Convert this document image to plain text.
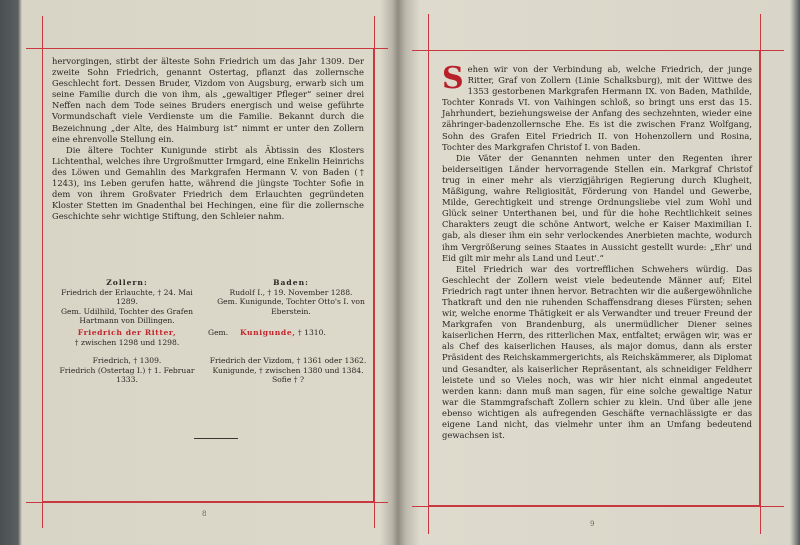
hervorgingen, stirbt der älteste Sohn Friedrich um das Jahr 1309. Der zweite Sohn Friedrich, genannt Ostertag, pflanzt das zollernsche Geschlecht fort. Dessen Bruder, Vizdom von Augsburg, erwarb sich um seine Familie durch die von ihm, als „gewaltiger Pfleger“ seiner drei Neffen nach dem Tode seines Bruders energisch und weise geführte Vormundschaft viele Verdienste um die Familie. Bekannt durch die Bezeichnung „der Alte, des Haimburg ist“ nimmt er unter den Zollern eine ehrenvolle Stellung ein.

Die ältere Tochter Kunigunde stirbt als Äbtissin des Klosters Lichtenthal, welches ihre Urgroßmutter Irmgard, eine Enkelin Heinrichs des Löwen und Gemahlin des Markgrafen Hermann V. von Baden († 1243), ins Leben gerufen hatte, während die jüngste Tochter Sofie in dem von ihrem Großvater Friedrich dem Erlauchten gegründeten Kloster Stetten im Gnadenthal bei Hechingen, eine für die zollernsche Geschichte sehr wichtige Stiftung, den Schleier nahm.

Zollern:
Friedrich der Erlauchte, † 24. Mai 1289.
Gem. Udilhild, Tochter des Grafen
Hartmann von Dillingen.
Baden:
Rudolf I., † 19. November 1288.
Gem. Kunigunde, Tochter Otto's I. von
Eberstein.
Friedrich der Ritter,
† zwischen 1298 und 1298.
Gem. Kunigunde, † 1310.
Friedrich, † 1309.
Friedrich (Ostertag I.) † 1. Februar
1333.
Friedrich der Vizdom, † 1361 oder 1362.
Kunigunde, † zwischen 1380 und 1384.
Sofie † ?
8

S ehen wir von der Verbindung ab, welche Friedrich, der junge Ritter, Graf von Zollern (Linie Schalksburg), mit der Wittwe des 1353 gestorbenen Markgrafen Hermann IX. von Baden, Mathilde, Tochter Konrads VI. von Vaihingen schloß, so bringt uns erst das 15. Jahrhundert, beziehungsweise der Anfang des sechzehnten, wieder eine zähringer-badenzollernsche Ehe. Es ist die zwischen Franz Wolfgang, Sohn des Grafen Eitel Friedrich II. von Hohenzollern und Rosina, Tochter des Markgrafen Christof I. von Baden.

Die Väter der Genannten nehmen unter den Regenten ihrer beiderseitigen Länder hervorragende Stellen ein. Markgraf Christof trug in einer mehr als vierzigjährigen Regierung durch Klugheit, Mäßigung, wahre Religiosität, Förderung von Handel und Gewerbe, Milde, Gerechtigkeit und strenge Ordnungsliebe viel zum Wohl und Glück seiner Unterthanen bei, und für die hohe Rechtlichkeit seines Charakters zeugt die schöne Antwort, welche er Kaiser Maximilian I. gab, als dieser ihm ein sehr verlockendes Anerbieten machte, wodurch ihm Vergrößerung seines Staates in Aussicht gestellt wurde: „Ehr' und Eid gilt mir mehr als Land und Leut'.“

Eitel Friedrich war des vortrefflichen Schwehers würdig. Das Geschlecht der Zollern weist viele bedeutende Männer auf; Eitel Friedrich ragt unter ihnen hervor. Betrachten wir die außergewöhnliche Thatkraft und den nie ruhenden Schaffensdrang dieses Fürsten; sehen wir, welche enorme Thätigkeit er als Verwandter und treuer Freund der Markgrafen von Brandenburg, als unermüdlicher Diener seines kaiserlichen Herrn, des ritterlichen Max, entfaltet; erwägen wir, was er als Chef des kaiserlichen Hauses, als major domus, dann als erster Präsident des Reichskammergerichts, als Reichskämmerer, als Diplomat und Gesandter, als kaiserlicher Repräsentant, als schneidiger Feldherr leistete und so Vieles noch, was wir hier nicht einmal angedeutet werden kann: dann muß man sagen, für eine solche gewaltige Natur war die Stammgrafschaft Zollern schier zu klein. Und über alle jene ebenso wichtigen als aufregenden Geschäfte vernachlässigte er das eigene Land nicht, das vielmehr unter ihm an Umfang bedeutend gewachsen ist.

9
